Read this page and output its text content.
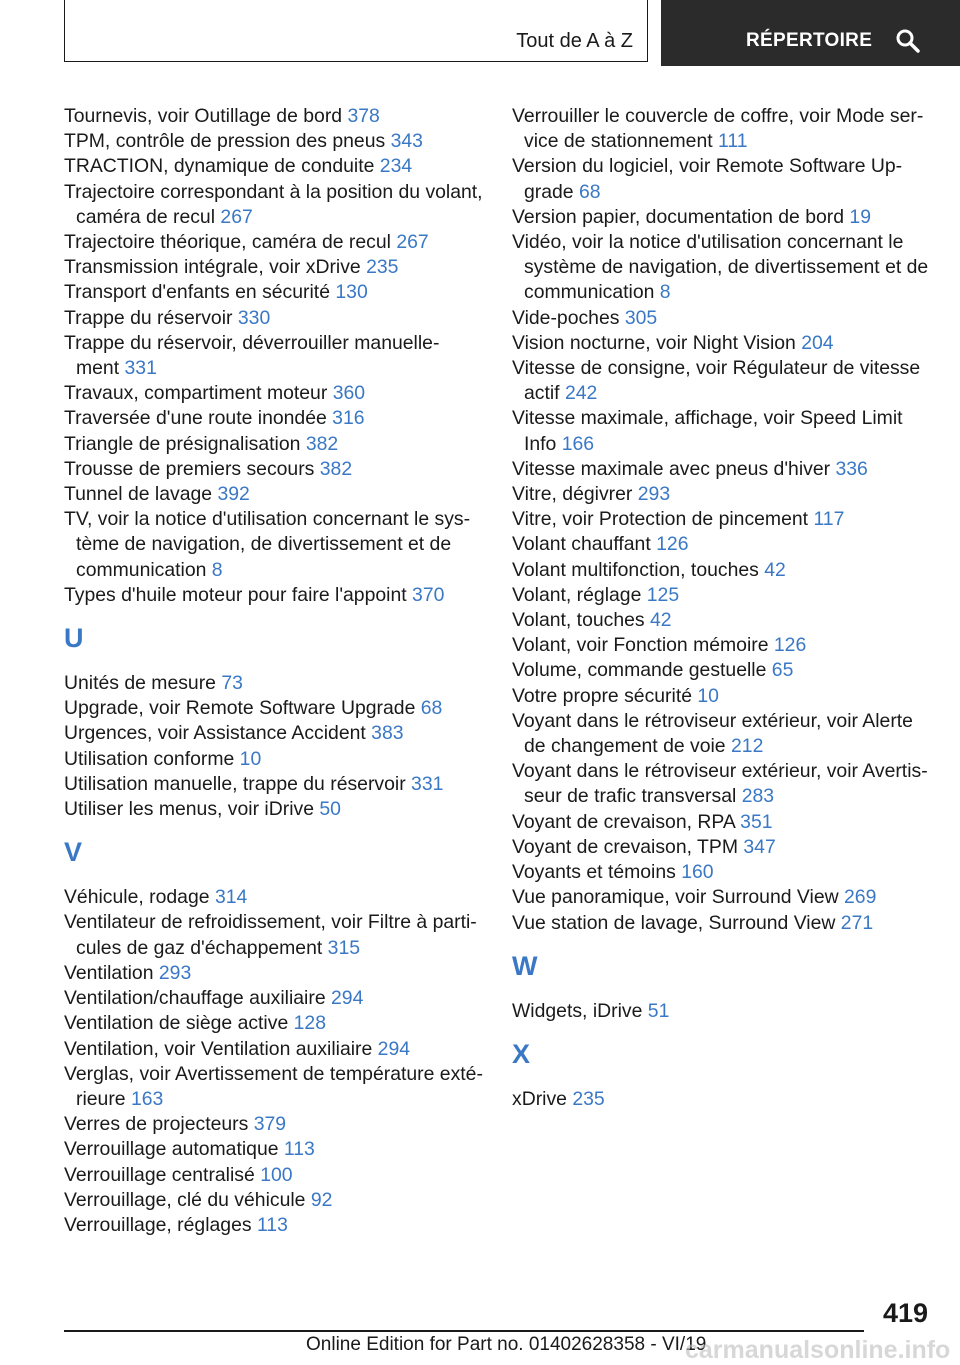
Tout de A à Z	RÉPERTOIRE
Tournevis, voir Outillage de bord 378
TPM, contrôle de pression des pneus 343
TRACTION, dynamique de conduite 234
Trajectoire correspondant à la position du volant,
caméra de recul 267
Trajectoire théorique, caméra de recul 267
Transmission intégrale, voir xDrive 235
Transport d'enfants en sécurité 130
Trappe du réservoir 330
Trappe du réservoir, déverrouiller manuelle‐
ment 331
Travaux, compartiment moteur 360
Traversée d'une route inondée 316
Triangle de présignalisation 382
Trousse de premiers secours 382
Tunnel de lavage 392
TV, voir la notice d'utilisation concernant le sys‐
tème de navigation, de divertissement et de
communication 8
Types d'huile moteur pour faire l'appoint 370
U
Unités de mesure 73
Upgrade, voir Remote Software Upgrade 68
Urgences, voir Assistance Accident 383
Utilisation conforme 10
Utilisation manuelle, trappe du réservoir 331
Utiliser les menus, voir iDrive 50
V
Véhicule, rodage 314
Ventilateur de refroidissement, voir Filtre à parti‐
cules de gaz d'échappement 315
Ventilation 293
Ventilation/chauffage auxiliaire 294
Ventilation de siège active 128
Ventilation, voir Ventilation auxiliaire 294
Verglas, voir Avertissement de température exté‐
rieure 163
Verres de projecteurs 379
Verrouillage automatique 113
Verrouillage centralisé 100
Verrouillage, clé du véhicule 92
Verrouillage, réglages 113
Verrouiller le couvercle de coffre, voir Mode ser‐
vice de stationnement 111
Version du logiciel, voir Remote Software Up‐
grade 68
Version papier, documentation de bord 19
Vidéo, voir la notice d'utilisation concernant le
système de navigation, de divertissement et de
communication 8
Vide-poches 305
Vision nocturne, voir Night Vision 204
Vitesse de consigne, voir Régulateur de vitesse
actif 242
Vitesse maximale, affichage, voir Speed Limit
Info 166
Vitesse maximale avec pneus d'hiver 336
Vitre, dégivrer 293
Vitre, voir Protection de pincement 117
Volant chauffant 126
Volant multifonction, touches 42
Volant, réglage 125
Volant, touches 42
Volant, voir Fonction mémoire 126
Volume, commande gestuelle 65
Votre propre sécurité 10
Voyant dans le rétroviseur extérieur, voir Alerte
de changement de voie 212
Voyant dans le rétroviseur extérieur, voir Avertis‐
seur de trafic transversal 283
Voyant de crevaison, RPA 351
Voyant de crevaison, TPM 347
Voyants et témoins 160
Vue panoramique, voir Surround View 269
Vue station de lavage, Surround View 271
W
Widgets, iDrive 51
X
xDrive 235
419
Online Edition for Part no. 01402628358 - VI/19
carmanualsonline.info
